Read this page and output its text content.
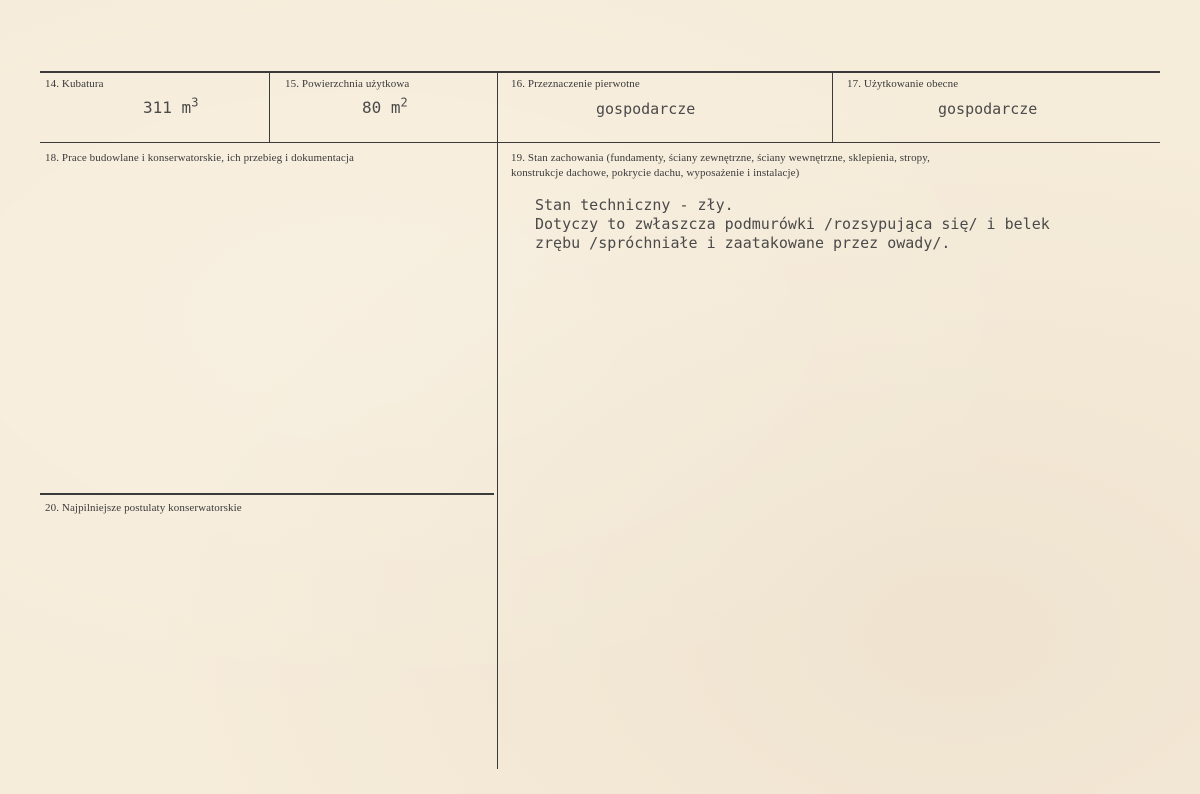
14. Kubatura
311 $m^3$
15. Powierzchnia użytkowa
80 $m^2$
16. Przeznaczenie pierwotne
gospodarcze
17. Użytkowanie obecne
gospodarcze
18. Prace budowlane i konserwatorskie, ich przebieg i dokumentacja	19. Stan zachowania (fundamenty, ściany zewnętrzne, ściany wewnętrzne, sklepienia, stropy,
konstrukcje dachowe, pokrycie dachu, wyposażenie i instalacje)
Stan techniczny - zły.
Dotyczy to zwłaszcza podmurówki /rozsypująca się/ i belek
zrębu /spróchniałe i zaatakowane przez owady/.
20. Najpilniejsze postulaty konserwatorskie
